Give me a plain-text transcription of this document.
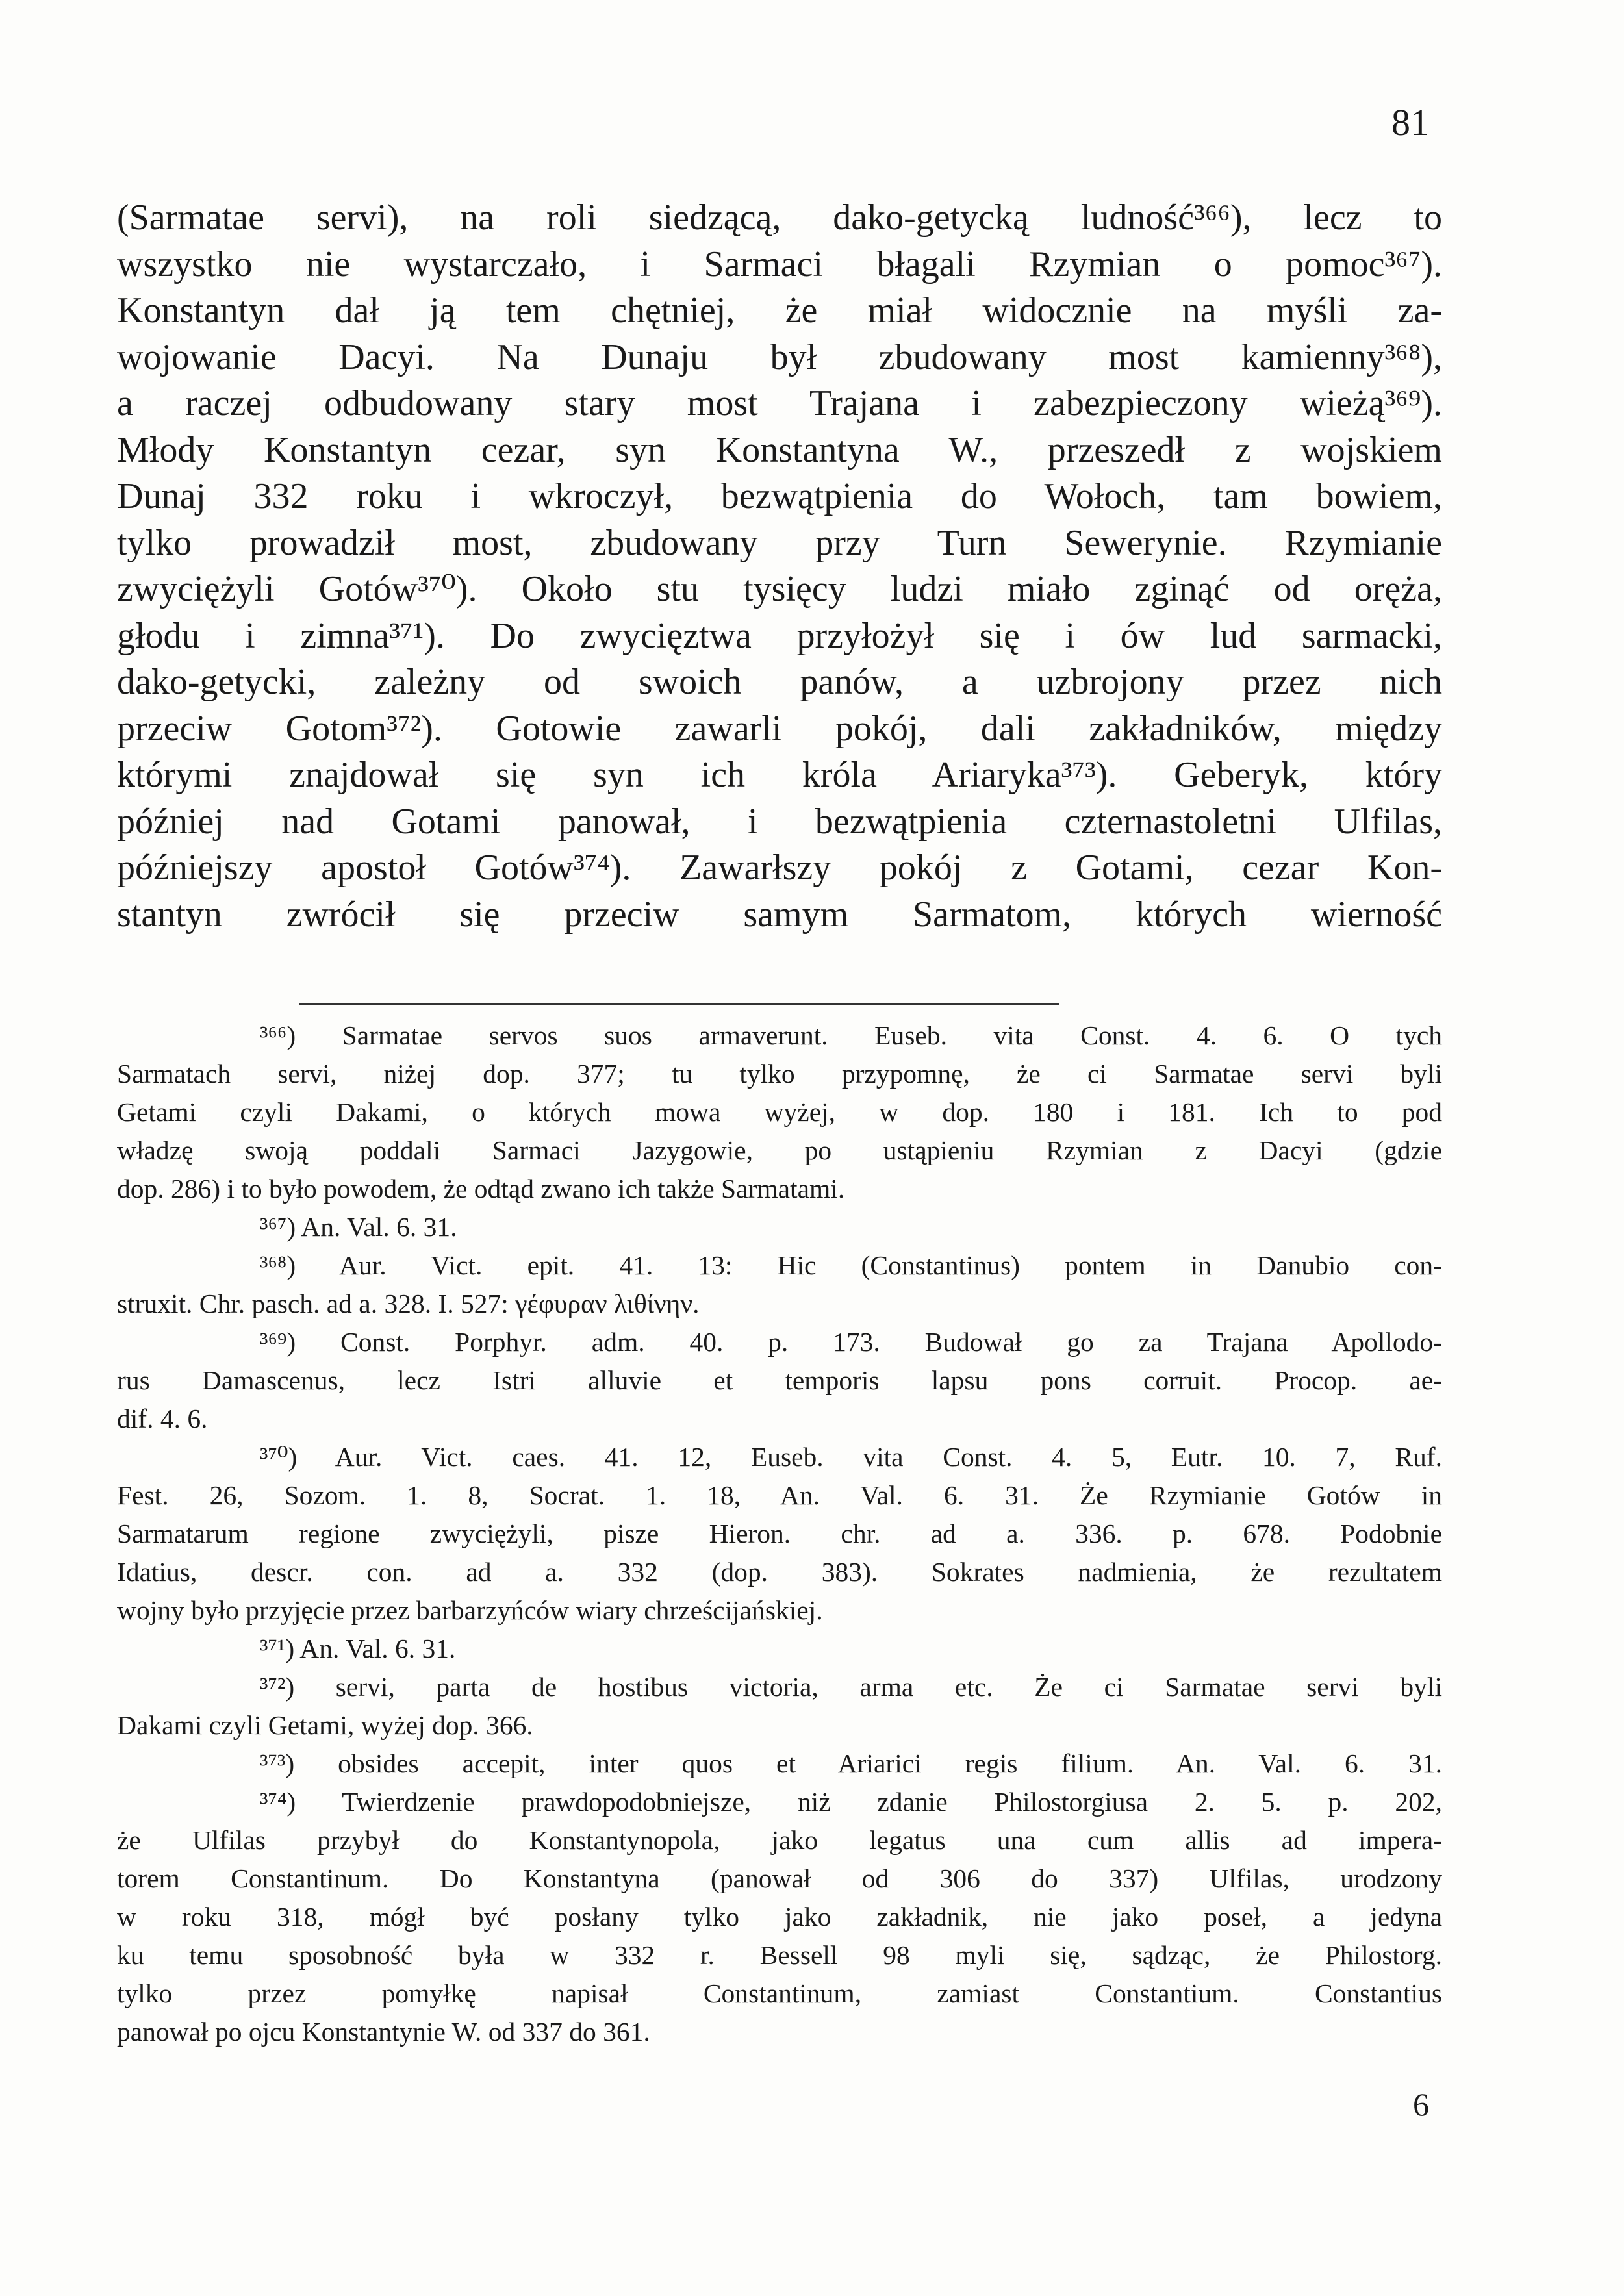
81
(Sarmatae servi), na roli siedzącą, dako-getycką ludność³⁶⁶), lecz to
wszystko nie wystarczało, i Sarmaci błagali Rzymian o pomoc³⁶⁷).
Konstantyn dał ją tem chętniej, że miał widocznie na myśli za-
wojowanie Dacyi. Na Dunaju był zbudowany most kamienny³⁶⁸),
a raczej odbudowany stary most Trajana i zabezpieczony wieżą³⁶⁹).
Młody Konstantyn cezar, syn Konstantyna W., przeszedł z wojskiem
Dunaj 332 roku i wkroczył, bezwątpienia do Wołoch, tam bowiem,
tylko prowadził most, zbudowany przy Turn Sewerynie. Rzymianie
zwyciężyli Gotów³⁷⁰). Około stu tysięcy ludzi miało zginąć od oręża,
głodu i zimna³⁷¹). Do zwycięztwa przyłożył się i ów lud sarmacki,
dako-getycki, zależny od swoich panów, a uzbrojony przez nich
przeciw Gotom³⁷²). Gotowie zawarli pokój, dali zakładników, między
którymi znajdował się syn ich króla Ariaryka³⁷³). Geberyk, który
później nad Gotami panował, i bezwątpienia czternastoletni Ulfilas,
późniejszy apostoł Gotów³⁷⁴). Zawarłszy pokój z Gotami, cezar Kon-
stantyn zwrócił się przeciw samym Sarmatom, których wierność
³⁶⁶) Sarmatae servos suos armaverunt. Euseb. vita Const. 4. 6. O tych
Sarmatach servi, niżej dop. 377; tu tylko przypomnę, że ci Sarmatae servi byli
Getami czyli Dakami, o których mowa wyżej, w dop. 180 i 181. Ich to pod
władzę swoją poddali Sarmaci Jazygowie, po ustąpieniu Rzymian z Dacyi (gdzie
dop. 286) i to było powodem, że odtąd zwano ich także Sarmatami.
³⁶⁷) An. Val. 6. 31.
³⁶⁸) Aur. Vict. epit. 41. 13: Hic (Constantinus) pontem in Danubio con-
struxit. Chr. pasch. ad a. 328. I. 527: γέφυραν λιθίνην.
³⁶⁹) Const. Porphyr. adm. 40. p. 173. Budował go za Trajana Apollodo-
rus Damascenus, lecz Istri alluvie et temporis lapsu pons corruit. Procop. ae-
dif. 4. 6.
³⁷⁰) Aur. Vict. caes. 41. 12, Euseb. vita Const. 4. 5, Eutr. 10. 7, Ruf.
Fest. 26, Sozom. 1. 8, Socrat. 1. 18, An. Val. 6. 31. Że Rzymianie Gotów in
Sarmatarum regione zwyciężyli, pisze Hieron. chr. ad a. 336. p. 678. Podobnie
Idatius, descr. con. ad a. 332 (dop. 383). Sokrates nadmienia, że rezultatem
wojny było przyjęcie przez barbarzyńców wiary chrześcijańskiej.
³⁷¹) An. Val. 6. 31.
³⁷²) servi, parta de hostibus victoria, arma etc. Że ci Sarmatae servi byli
Dakami czyli Getami, wyżej dop. 366.
³⁷³) obsides accepit, inter quos et Ariarici regis filium. An. Val. 6. 31.
³⁷⁴) Twierdzenie prawdopodobniejsze, niż zdanie Philostorgiusa 2. 5. p. 202,
że Ulfilas przybył do Konstantynopola, jako legatus una cum allis ad impera-
torem Constantinum. Do Konstantyna (panował od 306 do 337) Ulfilas, urodzony
w roku 318, mógł być posłany tylko jako zakładnik, nie jako poseł, a jedyna
ku temu sposobność była w 332 r. Bessell 98 myli się, sądząc, że Philostorg.
tylko przez pomyłkę napisał Constantinum, zamiast Constantium. Constantius
panował po ojcu Konstantynie W. od 337 do 361.
6
